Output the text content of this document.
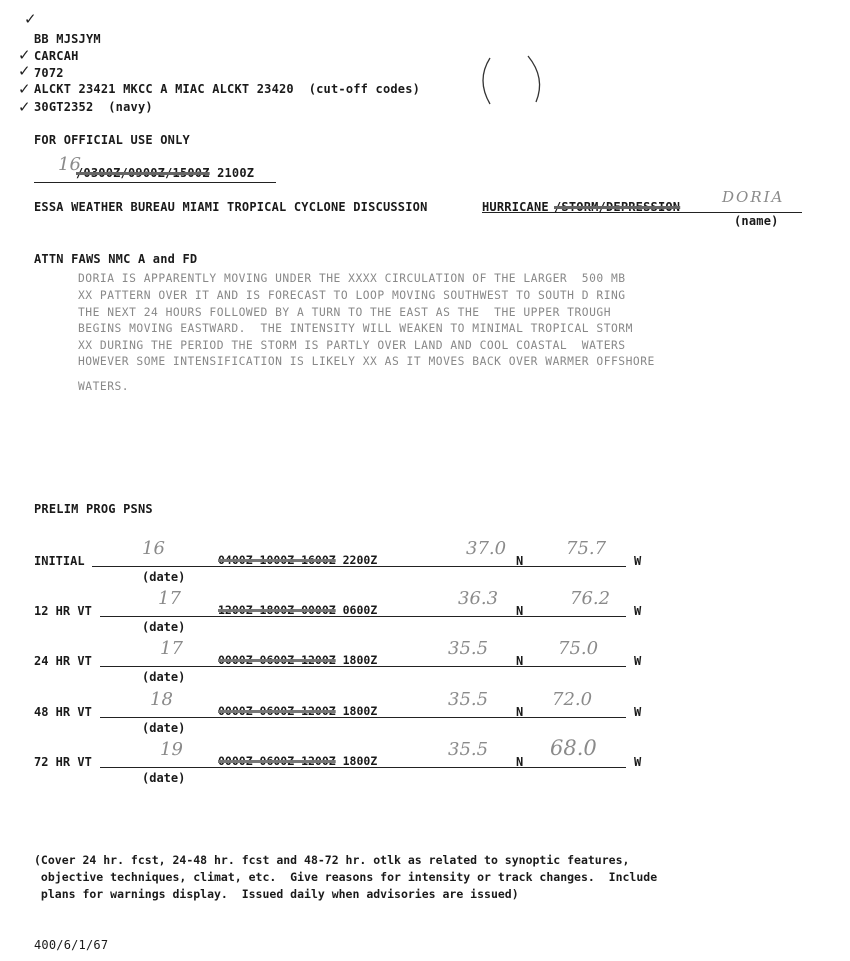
✓
✓
✓
✓
✓
BB MJSJYM
CARCAH
7072
ALCKT 23421 MKCC A MIAC ALCKT 23420  (cut-off codes)
30GT2352  (navy)
FOR OFFICIAL USE ONLY
16
/0300Z/0900Z/1500Z 2100Z
ESSA WEATHER BUREAU MIAMI TROPICAL CYCLONE DISCUSSION	HURRICANE /STORM/DEPRESSION
DORIA
(name)
ATTN FAWS NMC A and FD
DORIA IS APPARENTLY MOVING UNDER THE XXXX CIRCULATION OF THE LARGER  500 MB
XX PATTERN OVER IT AND IS FORECAST TO LOOP MOVING SOUTHWEST TO SOUTH D RING
THE NEXT 24 HOURS FOLLOWED BY A TURN TO THE EAST AS THE  THE UPPER TROUGH
BEGINS MOVING EASTWARD.  THE INTENSITY WILL WEAKEN TO MINIMAL TROPICAL STORM
XX DURING THE PERIOD THE STORM IS PARTLY OVER LAND AND COOL COASTAL  WATERS
HOWEVER SOME INTENSIFICATION IS LIKELY XX AS IT MOVES BACK OVER WARMER OFFSHORE
WATERS.
PRELIM PROG PSNS
INITIAL
16
0400Z 1000Z 1600Z 2200Z
37.0
N
75.7
W
(date)
12 HR VT
17
1200Z 1800Z 0000Z 0600Z
36.3
N
76.2
W
(date)
24 HR VT
17
0000Z 0600Z 1200Z 1800Z
35.5
N
75.0
W
(date)
48 HR VT
18
0000Z 0600Z 1200Z 1800Z
35.5
N
72.0
W
(date)
72 HR VT
19
0000Z 0600Z 1200Z 1800Z
35.5
N
68.0
W
(date)
(Cover 24 hr. fcst, 24-48 hr. fcst and 48-72 hr. otlk as related to synoptic features,
objective techniques, climat, etc.  Give reasons for intensity or track changes.  Include
plans for warnings display.  Issued daily when advisories are issued)
400/6/1/67
